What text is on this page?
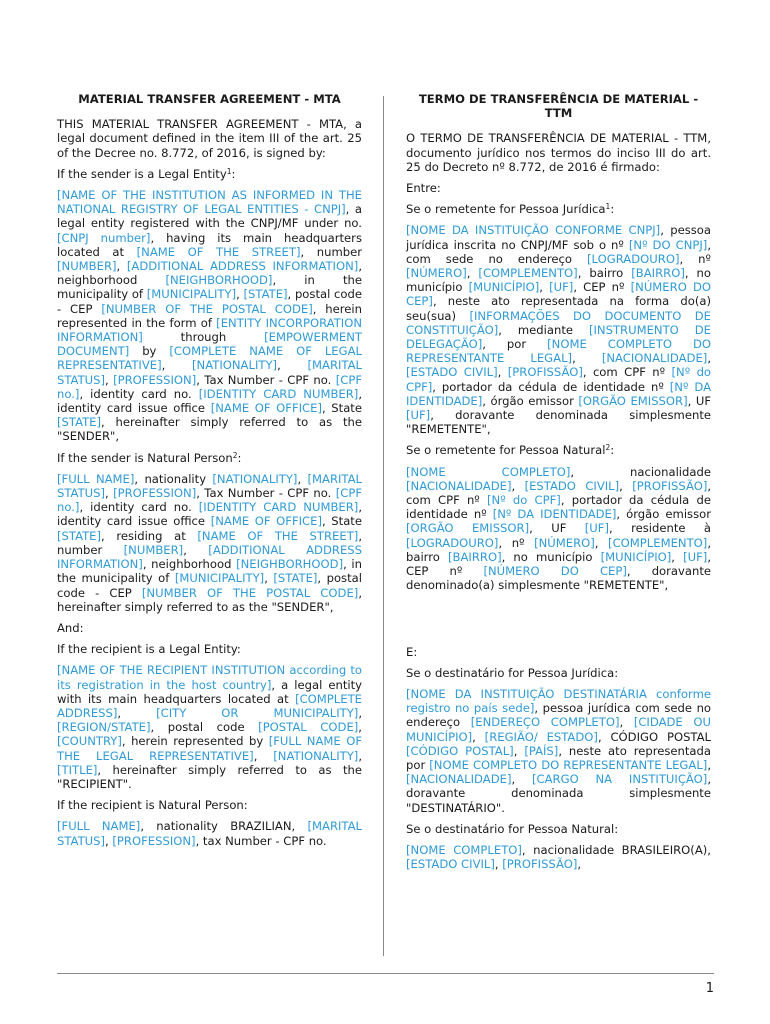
MATERIAL TRANSFER AGREEMENT - MTA

THIS MATERIAL TRANSFER AGREEMENT - MTA, a legal document defined in the item III of the art. 25 of the Decree no. 8.772, of 2016, is signed by:

If the sender is a Legal Entity$^1$:

[NAME OF THE INSTITUTION AS INFORMED IN THE NATIONAL REGISTRY OF LEGAL ENTITIES - CNPJ], a legal entity registered with the CNPJ/MF under no. [CNPJ number], having its main headquarters located at [NAME OF THE STREET], number [NUMBER], [ADDITIONAL ADDRESS INFORMATION], neighborhood [NEIGHBORHOOD], in the municipality of [MUNICIPALITY], [STATE], postal code - CEP [NUMBER OF THE POSTAL CODE], herein represented in the form of [ENTITY INCORPORATION INFORMATION] through [EMPOWERMENT DOCUMENT] by [COMPLETE NAME OF LEGAL REPRESENTATIVE], [NATIONALITY], [MARITAL STATUS], [PROFESSION], Tax Number - CPF no. [CPF no.], identity card no. [IDENTITY CARD NUMBER], identity card issue office [NAME OF OFFICE], State [STATE], hereinafter simply referred to as the "SENDER",

If the sender is Natural Person$^2$:

[FULL NAME], nationality [NATIONALITY], [MARITAL STATUS], [PROFESSION], Tax Number - CPF no. [CPF no.], identity card no. [IDENTITY CARD NUMBER], identity card issue office [NAME OF OFFICE], State [STATE], residing at [NAME OF THE STREET], number [NUMBER], [ADDITIONAL ADDRESS INFORMATION], neighborhood [NEIGHBORHOOD], in the municipality of [MUNICIPALITY], [STATE], postal code - CEP [NUMBER OF THE POSTAL CODE], hereinafter simply referred to as the "SENDER",

And:

If the recipient is a Legal Entity:

[NAME OF THE RECIPIENT INSTITUTION according to its registration in the host country], a legal entity with its main headquarters located at [COMPLETE ADDRESS], [CITY OR MUNICIPALITY], [REGION/STATE], postal code [POSTAL CODE], [COUNTRY], herein represented by [FULL NAME OF THE LEGAL REPRESENTATIVE], [NATIONALITY], [TITLE], hereinafter simply referred to as the "RECIPIENT".

If the recipient is Natural Person:

[FULL NAME], nationality BRAZILIAN, [MARITAL STATUS], [PROFESSION], tax Number - CPF no.

TERMO DE TRANSFERÊNCIA DE MATERIAL - TTM

O TERMO DE TRANSFERÊNCIA DE MATERIAL - TTM, documento jurídico nos termos do inciso III do art. 25 do Decreto nº 8.772, de 2016 é firmado:

Entre:

Se o remetente for Pessoa Jurídica$^1$:

[NOME DA INSTITUIÇÃO CONFORME CNPJ], pessoa jurídica inscrita no CNPJ/MF sob o nº [Nº DO CNPJ], com sede no endereço [LOGRADOURO], nº [NÚMERO], [COMPLEMENTO], bairro [BAIRRO], no município [MUNICÍPIO], [UF], CEP nº [NÚMERO DO CEP], neste ato representada na forma do(a) seu(sua) [INFORMAÇÕES DO DOCUMENTO DE CONSTITUIÇÃO], mediante [INSTRUMENTO DE DELEGAÇÃO], por [NOME COMPLETO DO REPRESENTANTE LEGAL], [NACIONALIDADE], [ESTADO CIVIL], [PROFISSÃO], com CPF nº [Nº do CPF], portador da cédula de identidade nº [Nº DA IDENTIDADE], órgão emissor [ORGÃO EMISSOR], UF [UF], doravante denominada simplesmente "REMETENTE",

Se o remetente for Pessoa Natural$^2$:

[NOME COMPLETO], nacionalidade [NACIONALIDADE], [ESTADO CIVIL], [PROFISSÃO], com CPF nº [Nº do CPF], portador da cédula de identidade nº [Nº DA IDENTIDADE], órgão emissor [ORGÃO EMISSOR], UF [UF], residente à [LOGRADOURO], nº [NÚMERO], [COMPLEMENTO], bairro [BAIRRO], no município [MUNICÍPIO], [UF], CEP nº [NÚMERO DO CEP], doravante denominado(a) simplesmente "REMETENTE",

E:

Se o destinatário for Pessoa Jurídica:

[NOME DA INSTITUIÇÃO DESTINATÁRIA conforme registro no país sede], pessoa jurídica com sede no endereço [ENDEREÇO COMPLETO], [CIDADE OU MUNICÍPIO], [REGIÃO/ ESTADO], CÓDIGO POSTAL [CÓDIGO POSTAL], [PAÍS], neste ato representada por [NOME COMPLETO DO REPRESENTANTE LEGAL], [NACIONALIDADE], [CARGO NA INSTITUIÇÃO], doravante denominada simplesmente "DESTINATÁRIO".

Se o destinatário for Pessoa Natural:

[NOME COMPLETO], nacionalidade BRASILEIRO(A), [ESTADO CIVIL], [PROFISSÃO],

1
